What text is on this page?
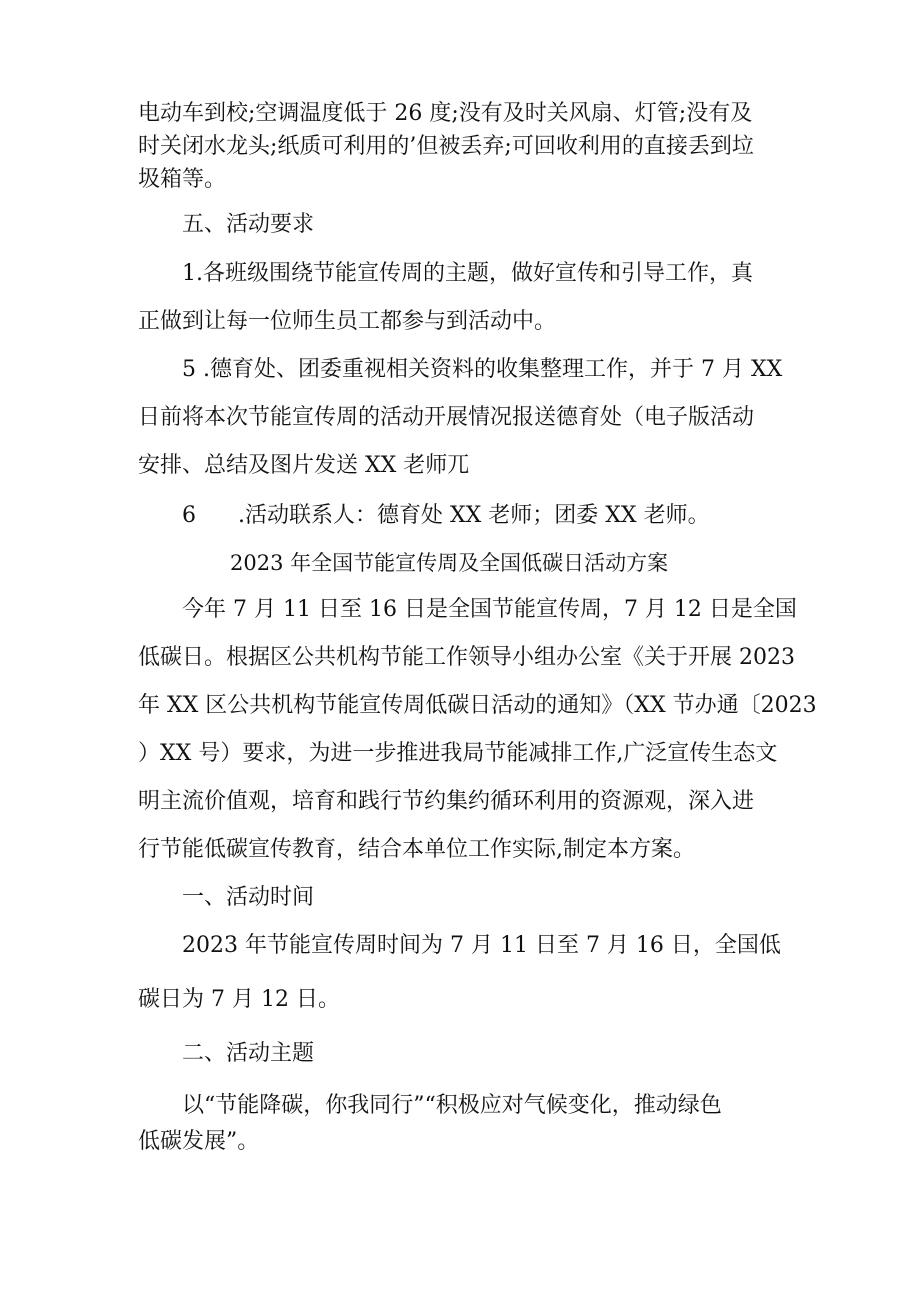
电动车到校;空调温度低于 26 度;没有及时关风扇、灯管;没有及
时关闭水龙头;纸质可利用的’但被丢弃;可回收利用的直接丢到垃
圾箱等。
五、活动要求
1.各班级围绕节能宣传周的主题，做好宣传和引导工作，真
正做到让每一位师生员工都参与到活动中。
5 .德育处、团委重视相关资料的收集整理工作，并于 7 月 XX
日前将本次节能宣传周的活动开展情况报送德育处（电子版活动
安排、总结及图片发送 XX 老师兀
6      .活动联系人：德育处 XX 老师；团委 XX 老师。
2023 年全国节能宣传周及全国低碳日活动方案
今年 7 月 11 日至 16 日是全国节能宣传周，7 月 12 日是全国
低碳日。根据区公共机构节能工作领导小组办公室《关于开展 2023
年 XX 区公共机构节能宣传周低碳日活动的通知》（XX 节办通〔2023
）XX 号）要求，为进一步推进我局节能减排工作,广泛宣传生态文
明主流价值观，培育和践行节约集约循环利用的资源观，深入进
行节能低碳宣传教育，结合本单位工作实际,制定本方案。
一、活动时间
2023 年节能宣传周时间为 7 月 11 日至 7 月 16 日，全国低
碳日为 7 月 12 日。
二、活动主题
以“节能降碳，你我同行”“积极应对气候变化，推动绿色
低碳发展”。
